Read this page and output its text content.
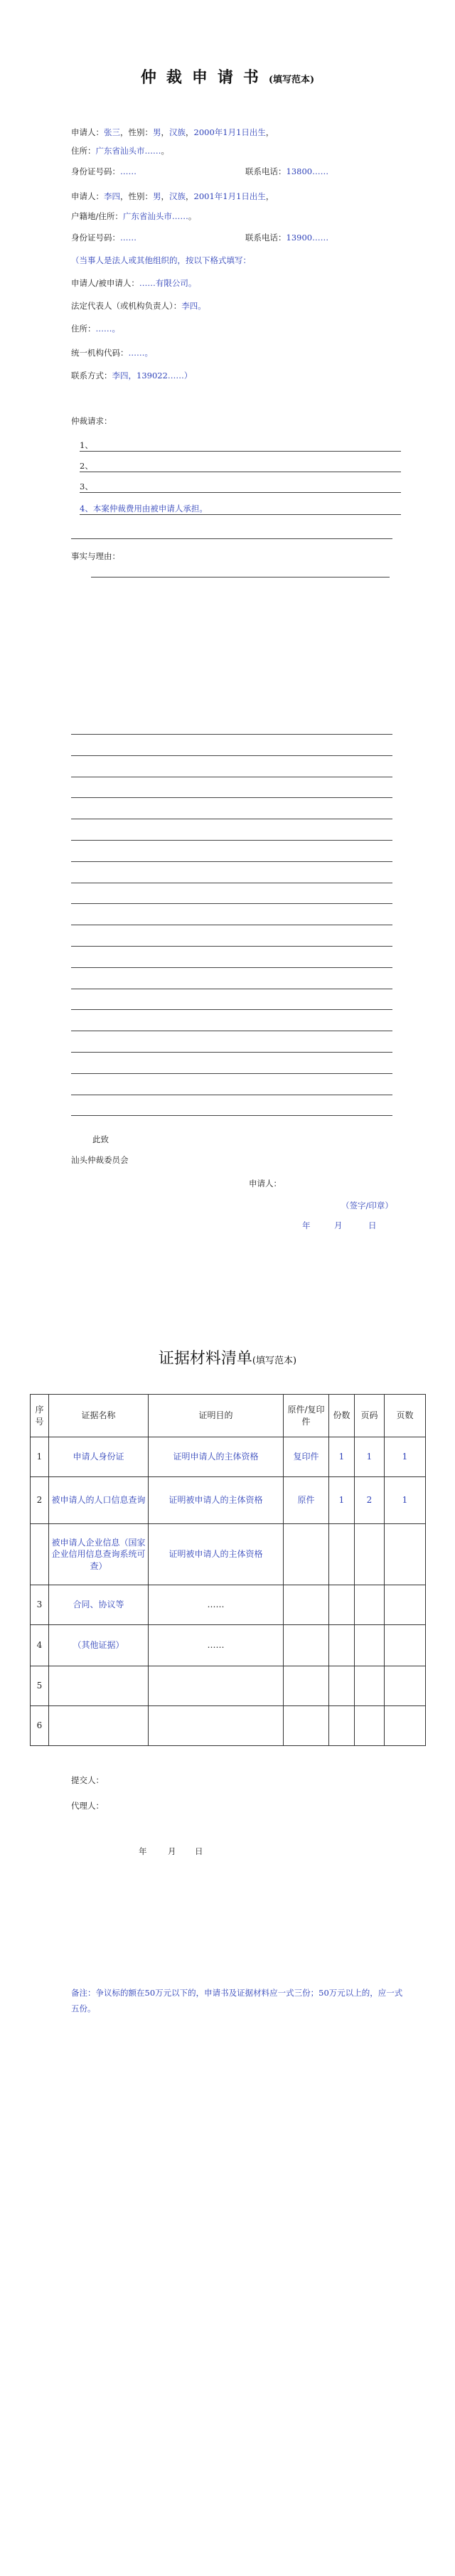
仲裁申请书(填写范本)
申请人：张三，性别：男，汉族，2000年1月1日出生，
住所：广东省汕头市……。
身份证号码：……	联系电话：13800……
申请人：李四，性别：男，汉族，2001年1月1日出生，
户籍地/住所：广东省汕头市……。
身份证号码：……	联系电话：13900……
（当事人是法人或其他组织的，按以下格式填写：
申请人/被申请人：……有限公司。
法定代表人（或机构负责人）：李四。
住所：……。
统一机构代码：……。
联系方式：李四，139022……）
仲裁请求：
1、
2、
3、
4、本案仲裁费用由被申请人承担。
事实与理由：
此致
汕头仲裁委员会
申请人：
（签字/印章）
年	月	日
证据材料清单(填写范本)
序号	证据名称	证明目的	原件/复印件	份数	页码	页数
1	申请人身份证	证明申请人的主体资格	复印件	1	1	1
2	被申请人的人口信息查询	证明被申请人的主体资格	原件	1	2	1
	被申请人企业信息（国家企业信用信息查询系统可查）	证明被申请人的主体资格				
3	合同、协议等	……				
4	（其他证据）	……				
5						
6						
提交人：
代理人：
年	月 日
备注：争议标的额在50万元以下的，申请书及证据材料应一式三份；50万元以上的，应一式五份。
